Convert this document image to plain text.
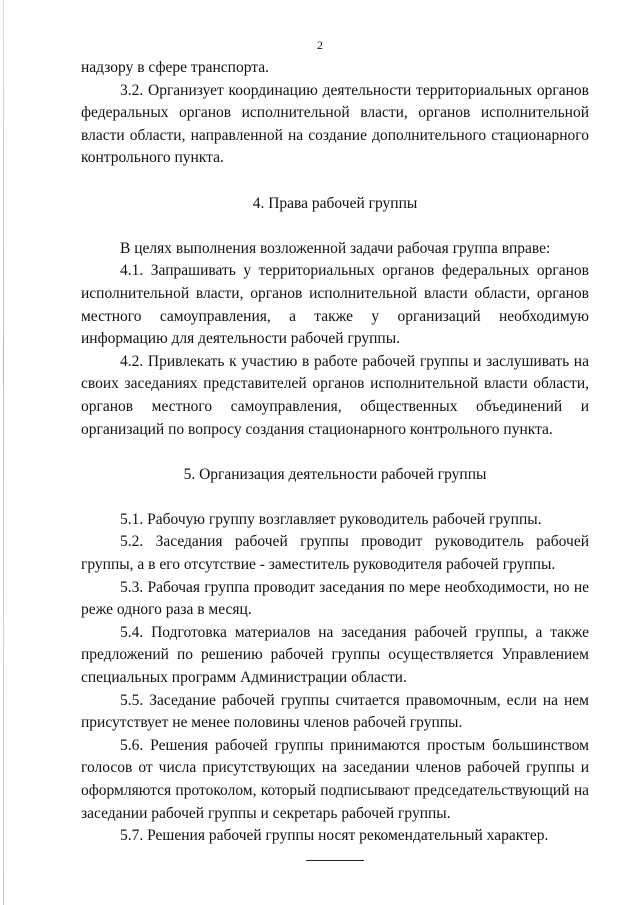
2

надзору в сфере транспорта.

3.2. Организует координацию деятельности территориальных органов федеральных органов исполнительной власти, органов исполнительной власти области, направленной на создание дополнительного стационарного контрольного пункта.

4. Права рабочей группы

В целях выполнения возложенной задачи рабочая группа вправе:

4.1. Запрашивать у территориальных органов федеральных органов исполнительной власти, органов исполнительной власти области, органов местного самоуправления, а также у организаций необходимую информацию для деятельности рабочей группы.

4.2. Привлекать к участию в работе рабочей группы и заслушивать на своих заседаниях представителей органов исполнительной власти области, органов местного самоуправления, общественных объединений и организаций по вопросу создания стационарного контрольного пункта.

5. Организация деятельности рабочей группы

5.1. Рабочую группу возглавляет руководитель рабочей группы.

5.2. Заседания рабочей группы проводит руководитель рабочей группы, а в его отсутствие - заместитель руководителя рабочей группы.

5.3. Рабочая группа проводит заседания по мере необходимости, но не реже одного раза в месяц.

5.4. Подготовка материалов на заседания рабочей группы, а также предложений по решению рабочей группы осуществляется Управлением специальных программ Администрации области.

5.5. Заседание рабочей группы считается правомочным, если на нем присутствует не менее половины членов рабочей группы.

5.6. Решения рабочей группы принимаются простым большинством голосов от числа присутствующих на заседании членов рабочей группы и оформляются протоколом, который подписывают председательствующий на заседании рабочей группы и секретарь рабочей группы.

5.7. Решения рабочей группы носят рекомендательный характер.
